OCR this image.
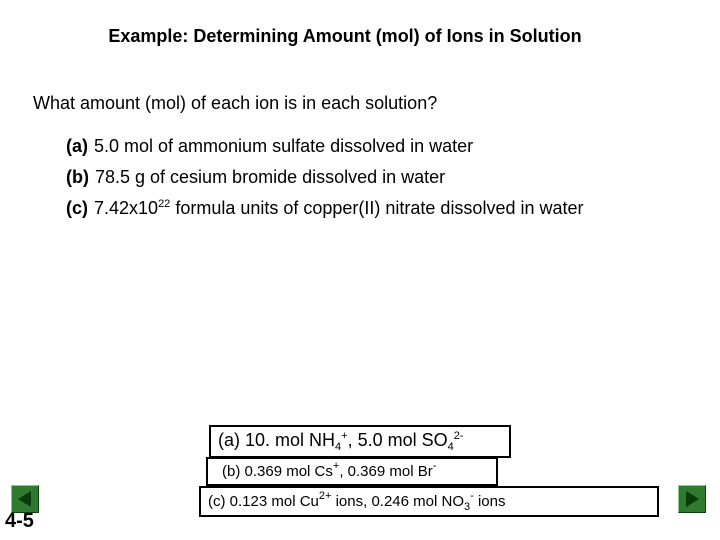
Example: Determining Amount (mol) of Ions in Solution
What amount (mol) of each ion is in each solution?
(a) 5.0 mol of ammonium sulfate dissolved in water
(b) 78.5 g of cesium bromide dissolved in water
(c) $7.42x10^{22}$ formula units of copper(II) nitrate dissolved in water
(a) 10. mol $NH_4^+$, 5.0 mol $SO_4^{2-}$
(b) 0.369 mol Cs+, 0.369 mol Br-
(c) 0.123 mol $Cu^{2+}$ ions, 0.246 mol $NO_3^-$ ions
4-5
